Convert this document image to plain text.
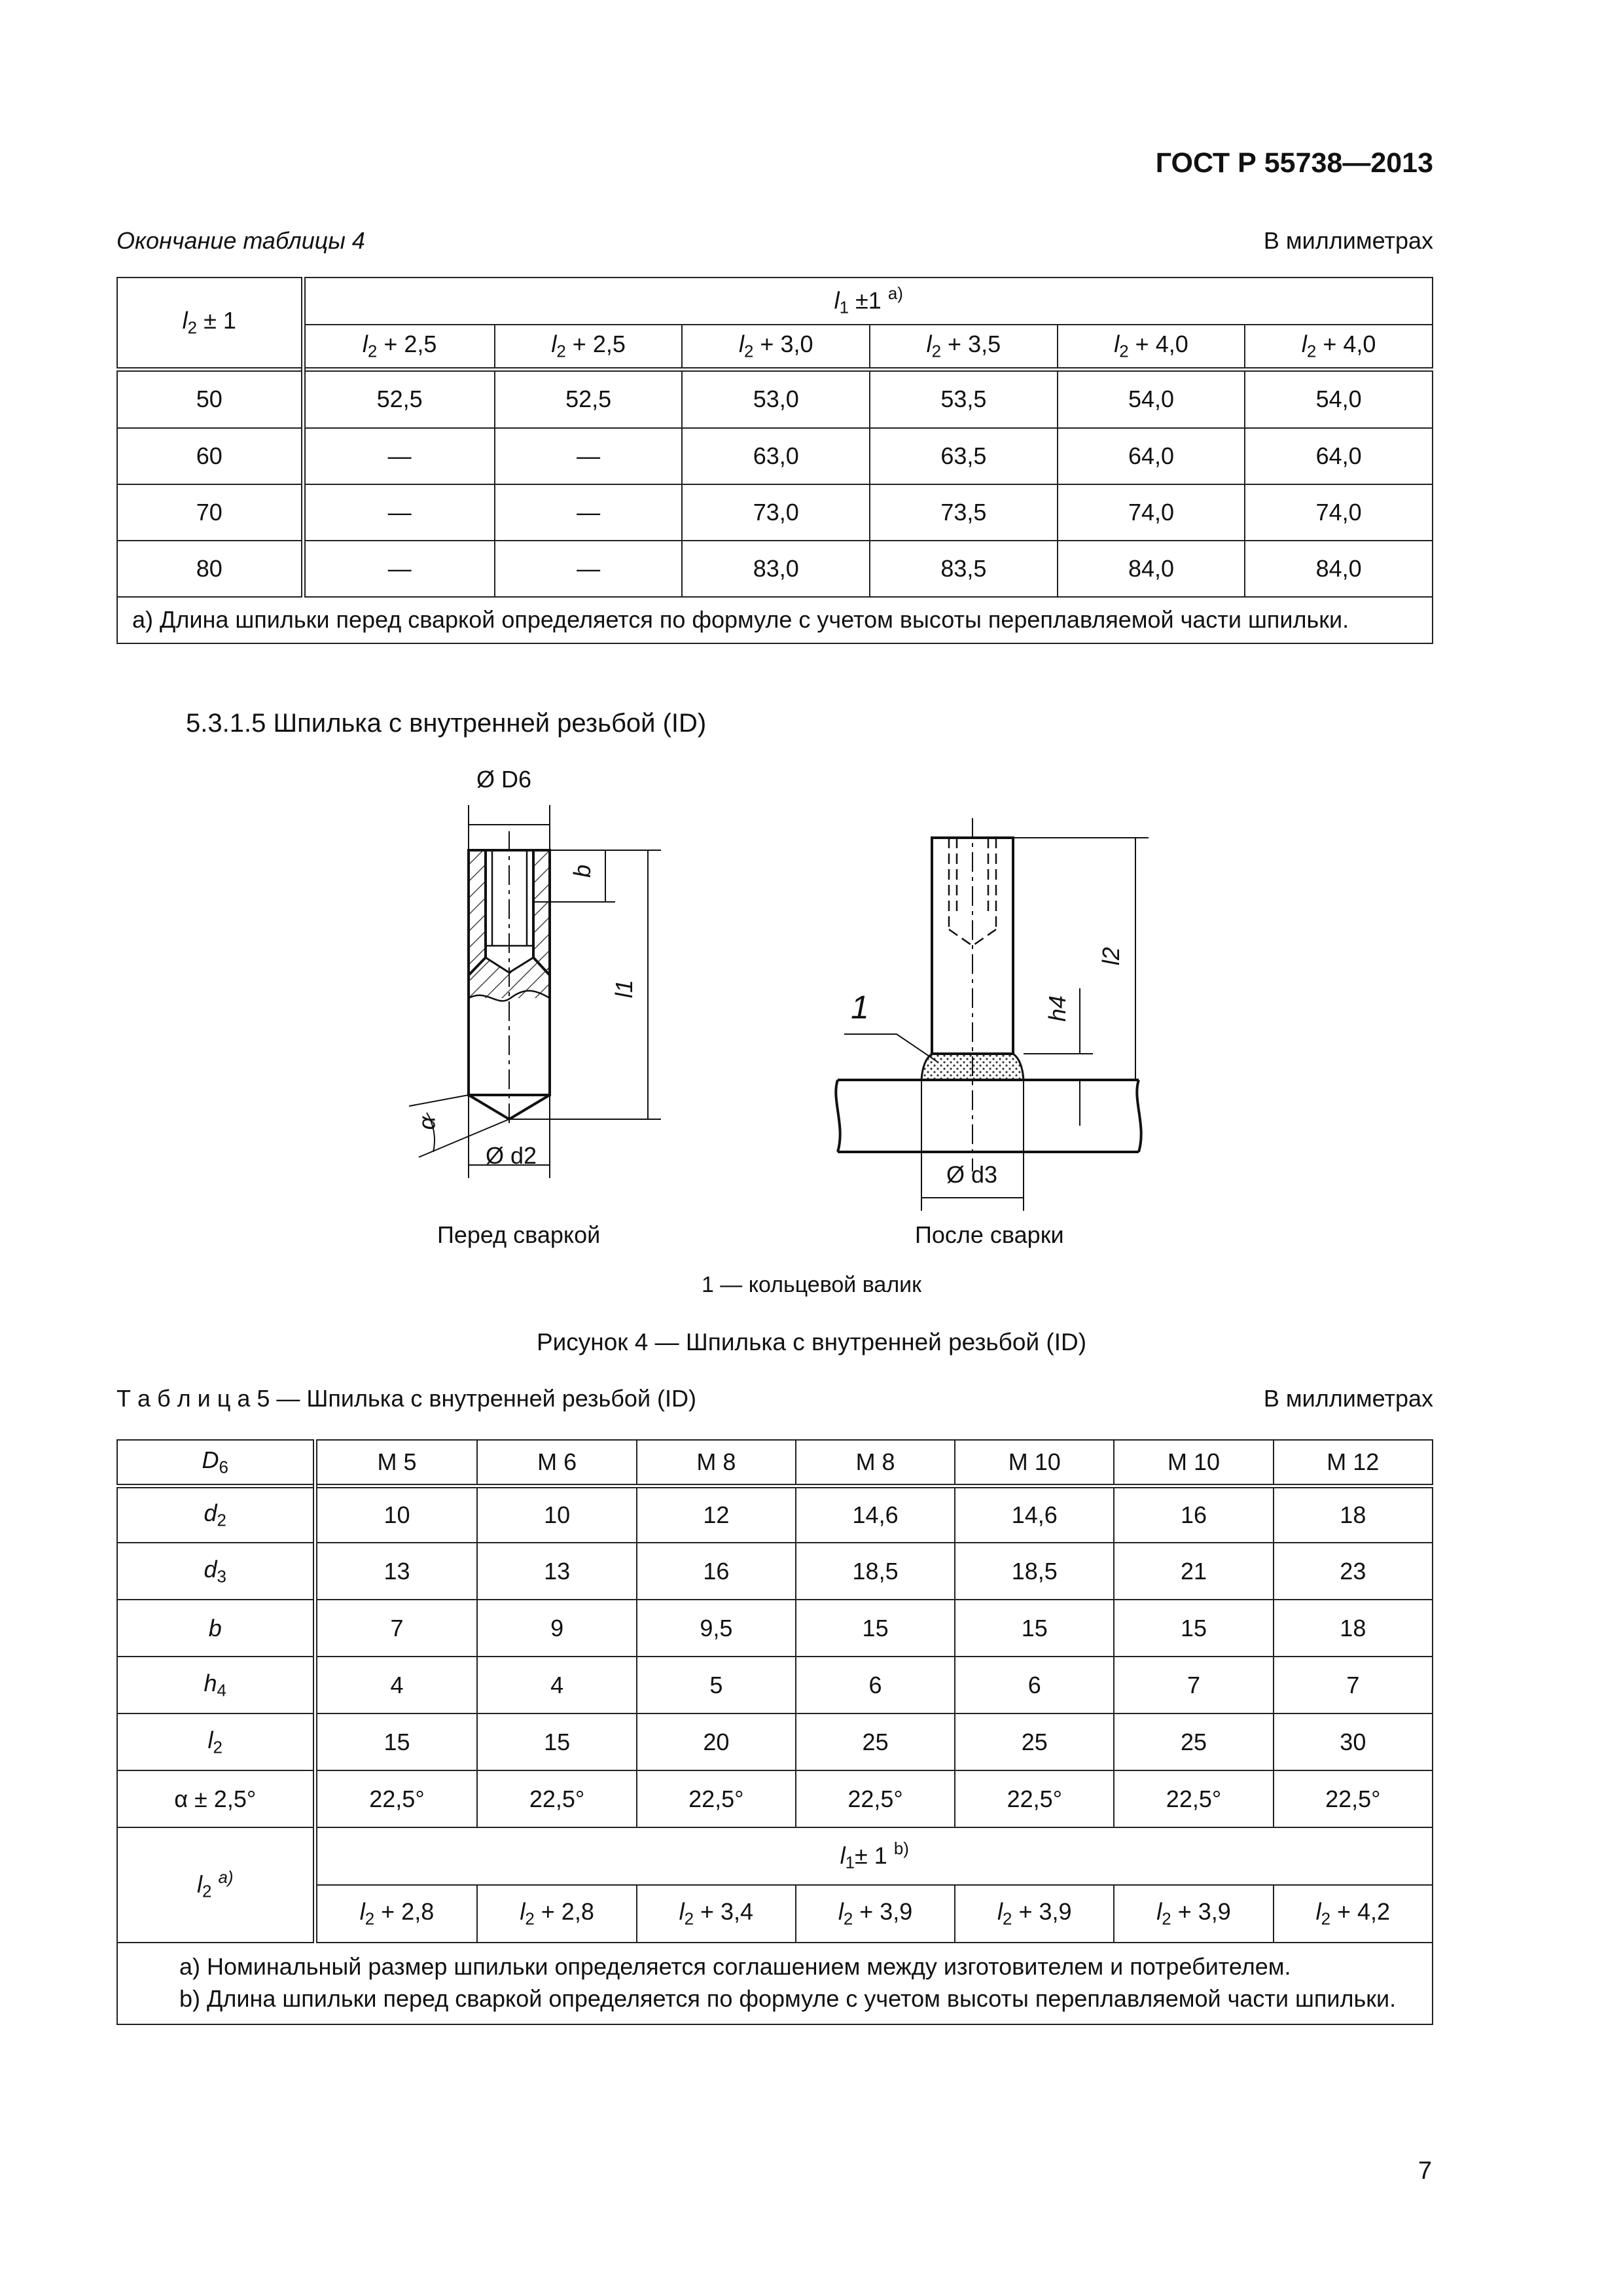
ГОСТ Р 55738—2013
Окончание таблицы 4	В миллиметрах
$l_2 \pm 1$	$l_1 \pm 1$ $^{а)}$
	$l_2 + 2,5$	$l_2 + 2,5$	$l_2 + 3,0$	$l_2 + 3,5$	$l_2 + 4,0$	$l_2 + 4,0$
50	52,5	52,5	53,0	53,5	54,0	54,0
60	—	—	63,0	63,5	64,0	64,0
70	—	—	73,0	73,5	74,0	74,0
80	—	—	83,0	83,5	84,0	84,0
а) Длина шпильки перед сваркой определяется по формуле с учетом высоты переплавляемой части шпильки.						
5.3.1.5 Шпилька с внутренней резьбой (ID)
Ø D6
b
l1
α
Ø d2
l2
h4
1
Ø d3
Перед сваркой	После сварки
1 — кольцевой валик
Рисунок 4 — Шпилька с внутренней резьбой (ID)
Т а б л и ц а 5 — Шпилька с внутренней резьбой (ID)	В миллиметрах
$D_6$	М 5	М 6	М 8	М 8	М 10	М 10	М 12
$d_2$	10	10	12	14,6	14,6	16	18
$d_3$	13	13	16	18,5	18,5	21	23
b	7	9	9,5	15	15	15	18
$h_4$	4	4	5	6	6	7	7
$l_2$	15	15	20	25	25	25	30
α ± 2,5°	22,5°	22,5°	22,5°	22,5°	22,5°	22,5°	22,5°
$l_2$ $^{а)}$	$l_1\pm 1$ $^{b)}$
	$l_2 + 2,8$	$l_2 + 2,8$	$l_2 + 3,4$	$l_2 + 3,9$	$l_2 + 3,9$	$l_2 + 3,9$	$l_2 + 4,2$

а) Номинальный размер шпильки определяется соглашением между изготовителем и потребителем.
b) Длина шпильки перед сваркой определяется по формуле с учетом высоты переплавляемой части шпильки.							
7
